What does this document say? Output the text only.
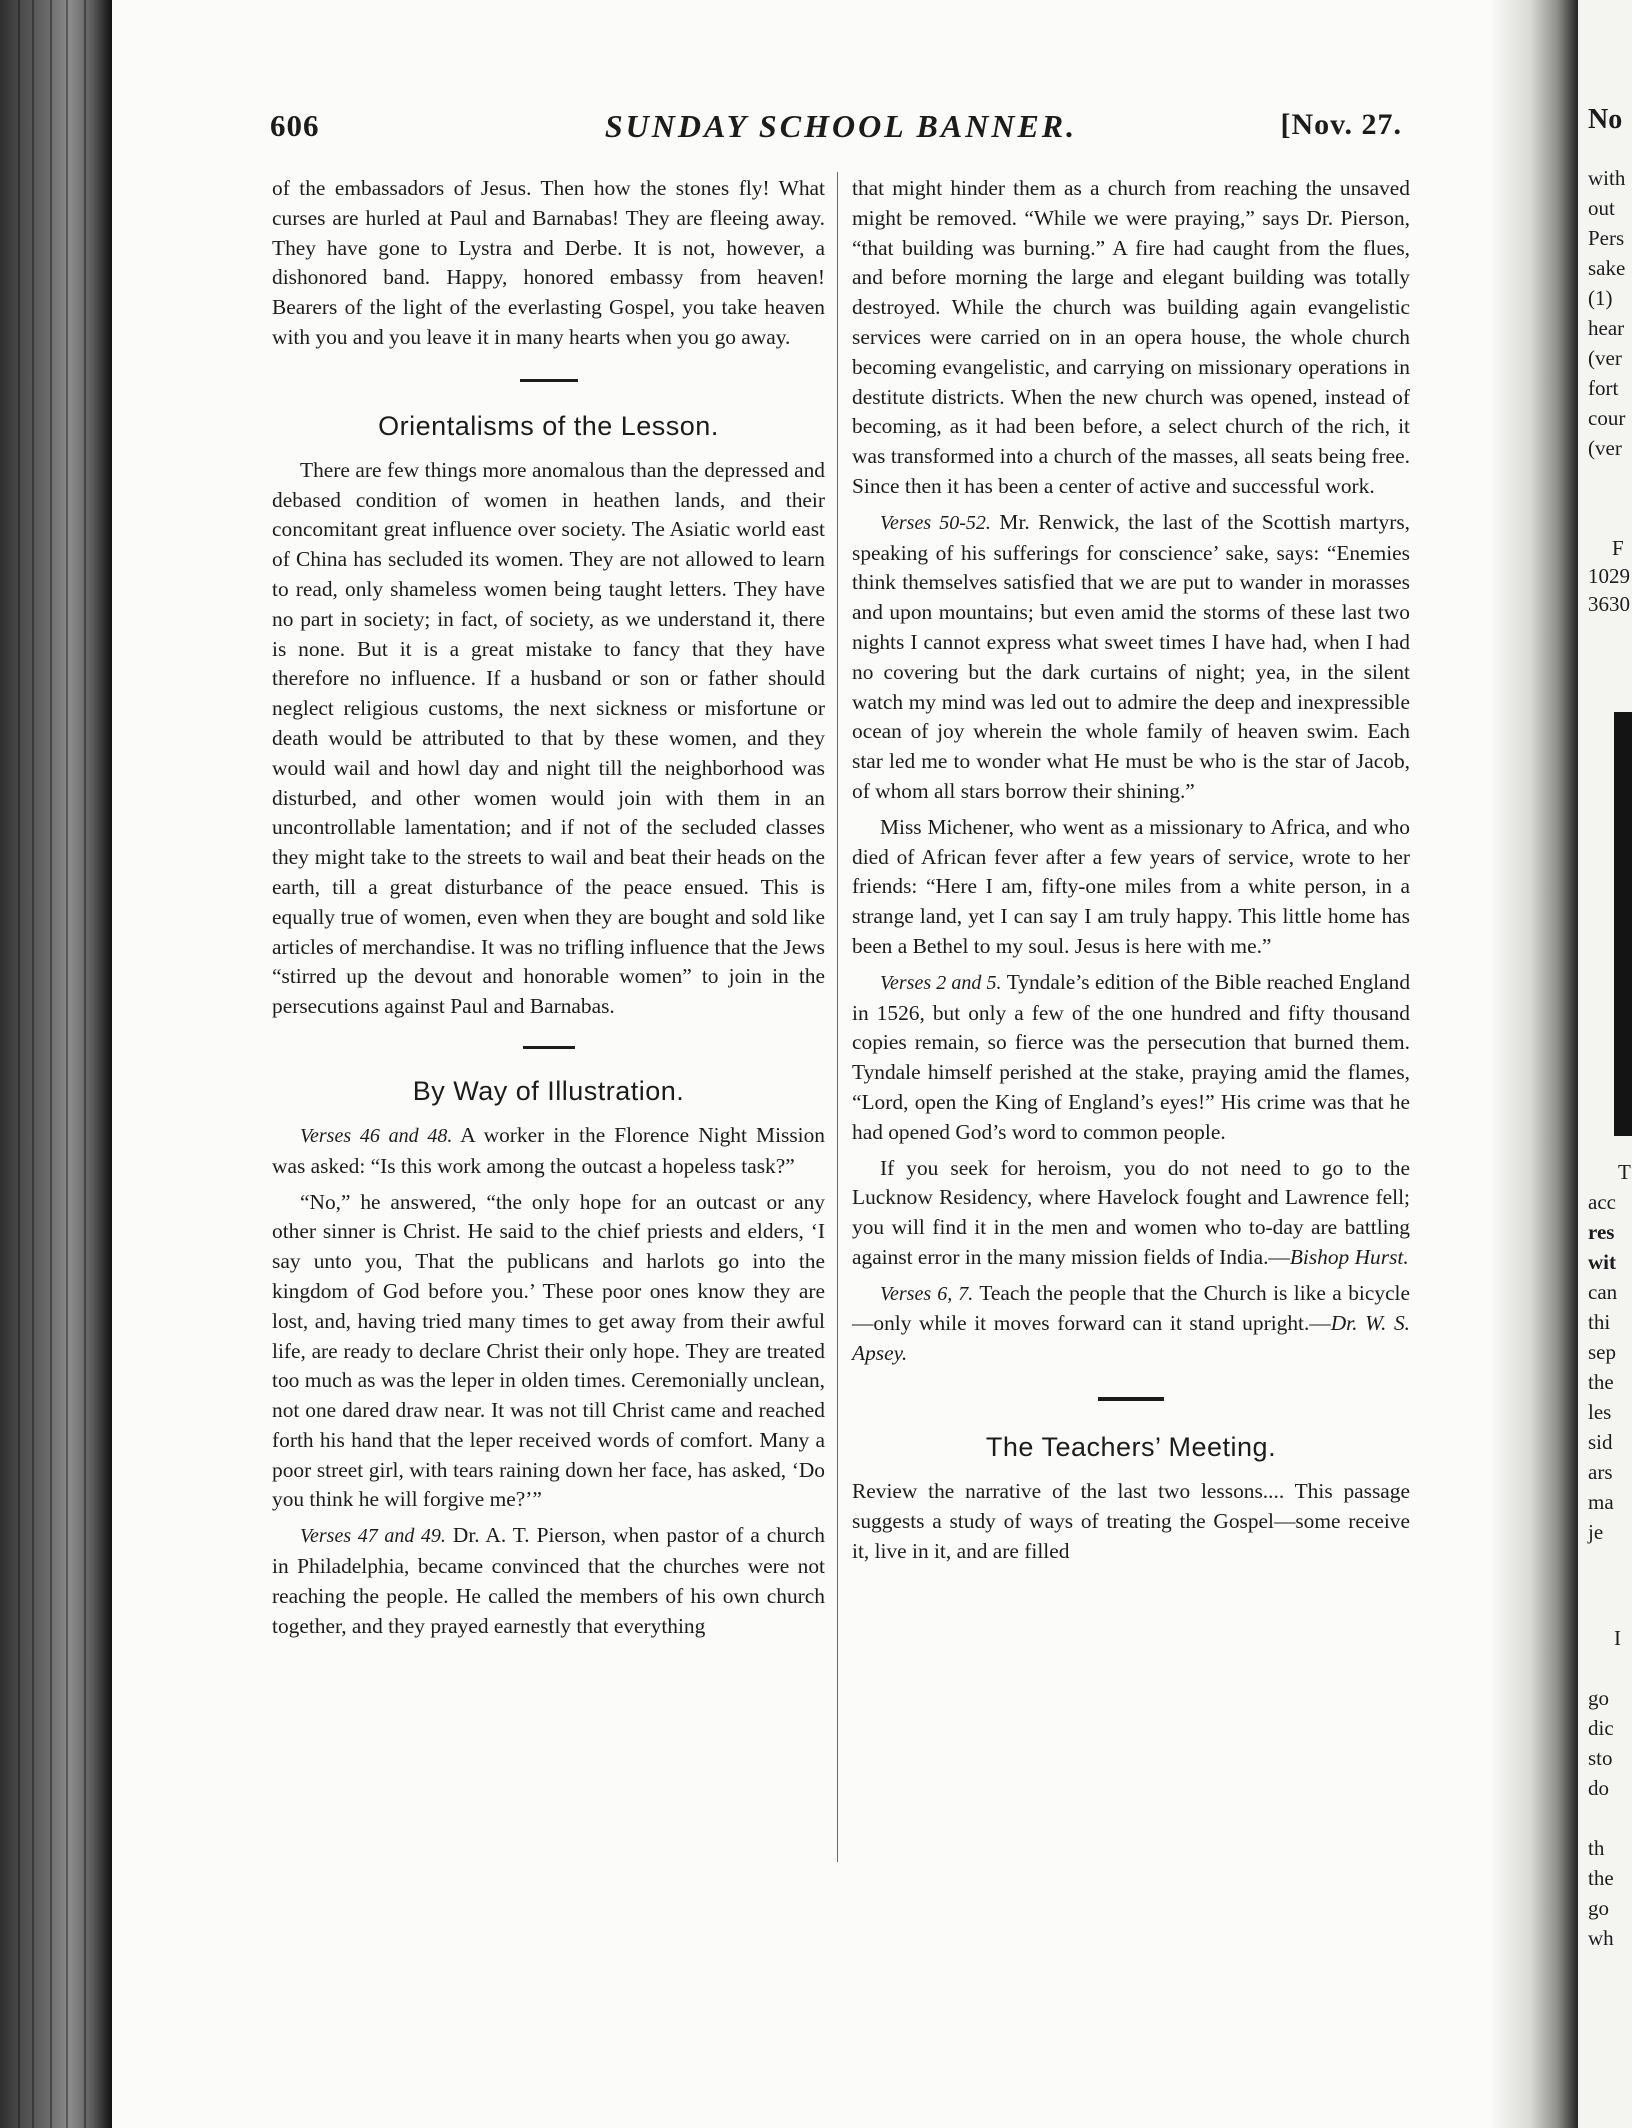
606	SUNDAY SCHOOL BANNER.	[Nov. 27.

of the embassadors of Jesus. Then how the stones fly! What curses are hurled at Paul and Barnabas! They are fleeing away. They have gone to Lystra and Derbe. It is not, however, a dishonored band. Happy, honored embassy from heaven! Bearers of the light of the everlasting Gospel, you take heaven with you and you leave it in many hearts when you go away.

Orientalisms of the Lesson.

There are few things more anomalous than the depressed and debased condition of women in heathen lands, and their concomitant great influence over society. The Asiatic world east of China has secluded its women. They are not allowed to learn to read, only shameless women being taught letters. They have no part in society; in fact, of society, as we understand it, there is none. But it is a great mistake to fancy that they have therefore no influence. If a husband or son or father should neglect religious customs, the next sickness or misfortune or death would be attributed to that by these women, and they would wail and howl day and night till the neighborhood was disturbed, and other women would join with them in an uncontrollable lamentation; and if not of the secluded classes they might take to the streets to wail and beat their heads on the earth, till a great disturbance of the peace ensued. This is equally true of women, even when they are bought and sold like articles of merchandise. It was no trifling influence that the Jews “stirred up the devout and honorable women” to join in the persecutions against Paul and Barnabas.

By Way of Illustration.

Verses 46 and 48. A worker in the Florence Night Mission was asked: “Is this work among the outcast a hopeless task?”

“No,” he answered, “the only hope for an outcast or any other sinner is Christ. He said to the chief priests and elders, ‘I say unto you, That the publicans and harlots go into the kingdom of God before you.’ These poor ones know they are lost, and, having tried many times to get away from their awful life, are ready to declare Christ their only hope. They are treated too much as was the leper in olden times. Ceremonially unclean, not one dared draw near. It was not till Christ came and reached forth his hand that the leper received words of comfort. Many a poor street girl, with tears raining down her face, has asked, ‘Do you think he will forgive me?’”

Verses 47 and 49. Dr. A. T. Pierson, when pastor of a church in Philadelphia, became convinced that the churches were not reaching the people. He called the members of his own church together, and they prayed earnestly that everything

that might hinder them as a church from reaching the unsaved might be removed. “While we were praying,” says Dr. Pierson, “that building was burning.” A fire had caught from the flues, and before morning the large and elegant building was totally destroyed. While the church was building again evangelistic services were carried on in an opera house, the whole church becoming evangelistic, and carrying on missionary operations in destitute districts. When the new church was opened, instead of becoming, as it had been before, a select church of the rich, it was transformed into a church of the masses, all seats being free. Since then it has been a center of active and successful work.

Verses 50-52. Mr. Renwick, the last of the Scottish martyrs, speaking of his sufferings for conscience’ sake, says: “Enemies think themselves satisfied that we are put to wander in morasses and upon mountains; but even amid the storms of these last two nights I cannot express what sweet times I have had, when I had no covering but the dark curtains of night; yea, in the silent watch my mind was led out to admire the deep and inexpressible ocean of joy wherein the whole family of heaven swim. Each star led me to wonder what He must be who is the star of Jacob, of whom all stars borrow their shining.”

Miss Michener, who went as a missionary to Africa, and who died of African fever after a few years of service, wrote to her friends: “Here I am, fifty-one miles from a white person, in a strange land, yet I can say I am truly happy. This little home has been a Bethel to my soul. Jesus is here with me.”

Verses 2 and 5. Tyndale’s edition of the Bible reached England in 1526, but only a few of the one hundred and fifty thousand copies remain, so fierce was the persecution that burned them. Tyndale himself perished at the stake, praying amid the flames, “Lord, open the King of England’s eyes!” His crime was that he had opened God’s word to common people.

If you seek for heroism, you do not need to go to the Lucknow Residency, where Havelock fought and Lawrence fell; you will find it in the men and women who to-day are battling against error in the many mission fields of India.—Bishop Hurst.

Verses 6, 7. Teach the people that the Church is like a bicycle—only while it moves forward can it stand upright.—Dr. W. S. Apsey.

The Teachers’ Meeting.

Review the narrative of the last two lessons.... This passage suggests a study of ways of treating the Gospel—some receive it, live in it, and are filled

No
with
out
Pers
sake
(1)
hear
(ver
fort
cour
(ver
F
1029
3630
T
acc
res
wit
can
thi
sep
the
les
sid
ars
ma
je
I
go
dic
sto
do
th
the
go
wh
